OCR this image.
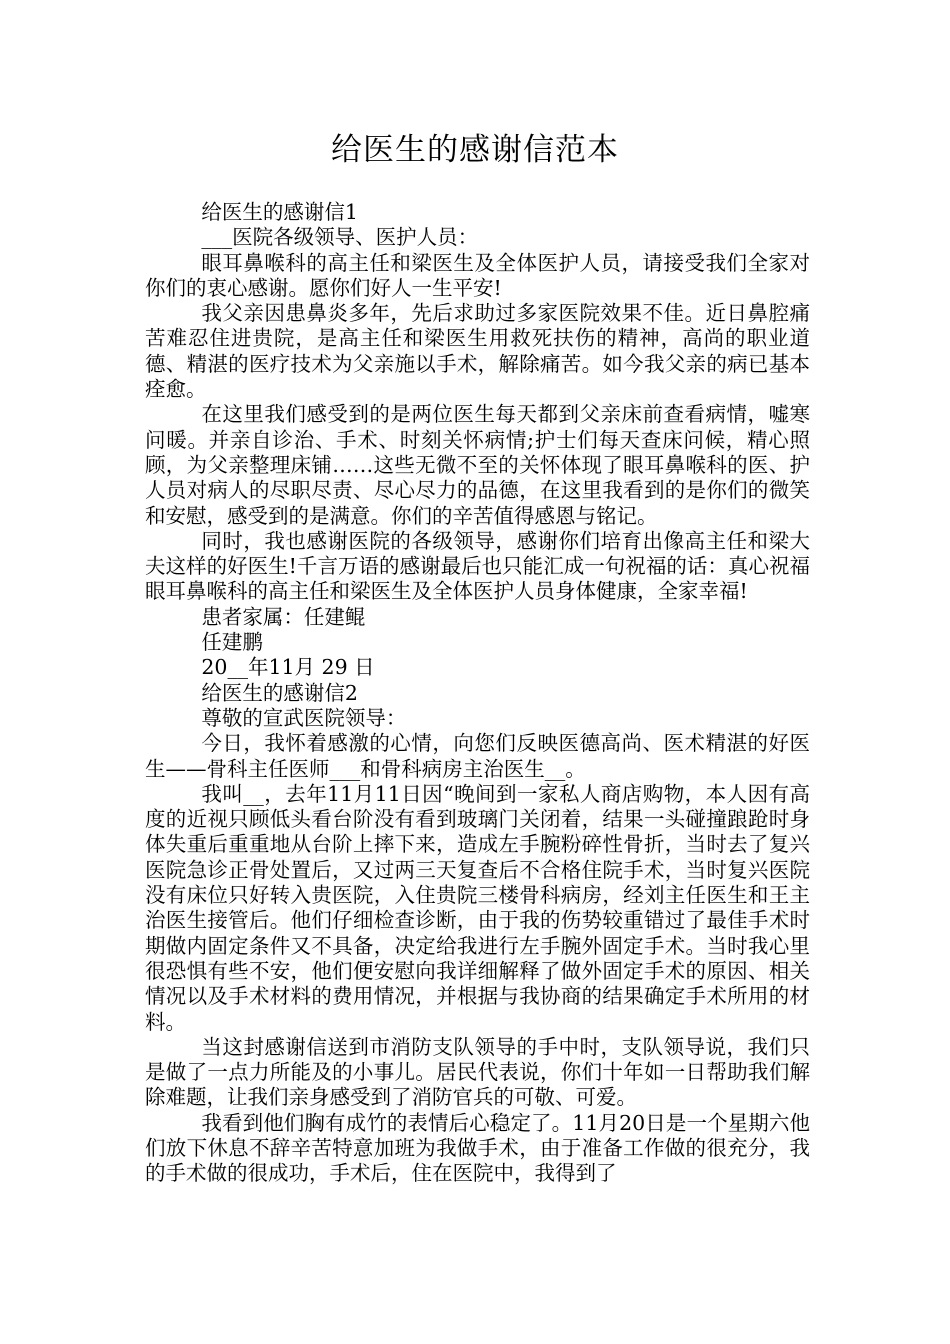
给医生的感谢信范本

给医生的感谢信1

___医院各级领导、医护人员：

眼耳鼻喉科的高主任和梁医生及全体医护人员，请接受我们全家对你们的衷心感谢。愿你们好人一生平安!

我父亲因患鼻炎多年，先后求助过多家医院效果不佳。近日鼻腔痛苦难忍住进贵院，是高主任和梁医生用救死扶伤的精神，高尚的职业道德、精湛的医疗技术为父亲施以手术，解除痛苦。如今我父亲的病已基本痊愈。

在这里我们感受到的是两位医生每天都到父亲床前查看病情，嘘寒问暖。并亲自诊治、手术、时刻关怀病情;护士们每天查床问候，精心照顾，为父亲整理床铺……这些无微不至的关怀体现了眼耳鼻喉科的医、护人员对病人的尽职尽责、尽心尽力的品德，在这里我看到的是你们的微笑和安慰，感受到的是满意。你们的辛苦值得感恩与铭记。

同时，我也感谢医院的各级领导，感谢你们培育出像高主任和梁大夫这样的好医生!千言万语的感谢最后也只能汇成一句祝福的话：真心祝福眼耳鼻喉科的高主任和梁医生及全体医护人员身体健康，全家幸福!

患者家属：任建鲲

任建鹏

20__年11月 29 日

给医生的感谢信2

尊敬的宣武医院领导：

今日，我怀着感激的心情，向您们反映医德高尚、医术精湛的好医生——骨科主任医师___和骨科病房主治医生__。

我叫__，去年11月11日因“晚间到一家私人商店购物，本人因有高度的近视只顾低头看台阶没有看到玻璃门关闭着，结果一头碰撞踉跄时身体失重后重重地从台阶上摔下来，造成左手腕粉碎性骨折，当时去了复兴医院急诊正骨处置后，又过两三天复查后不合格住院手术，当时复兴医院没有床位只好转入贵医院，入住贵院三楼骨科病房，经刘主任医生和王主治医生接管后。他们仔细检查诊断，由于我的伤势较重错过了最佳手术时期做内固定条件又不具备，决定给我进行左手腕外固定手术。当时我心里很恐惧有些不安，他们便安慰向我详细解释了做外固定手术的原因、相关情况以及手术材料的费用情况，并根据与我协商的结果确定手术所用的材料。

当这封感谢信送到市消防支队领导的手中时，支队领导说，我们只是做了一点力所能及的小事儿。居民代表说，你们十年如一日帮助我们解除难题，让我们亲身感受到了消防官兵的可敬、可爱。

我看到他们胸有成竹的表情后心稳定了。11月20日是一个星期六他们放下休息不辞辛苦特意加班为我做手术，由于准备工作做的很充分，我的手术做的很成功，手术后，住在医院中，我得到了
